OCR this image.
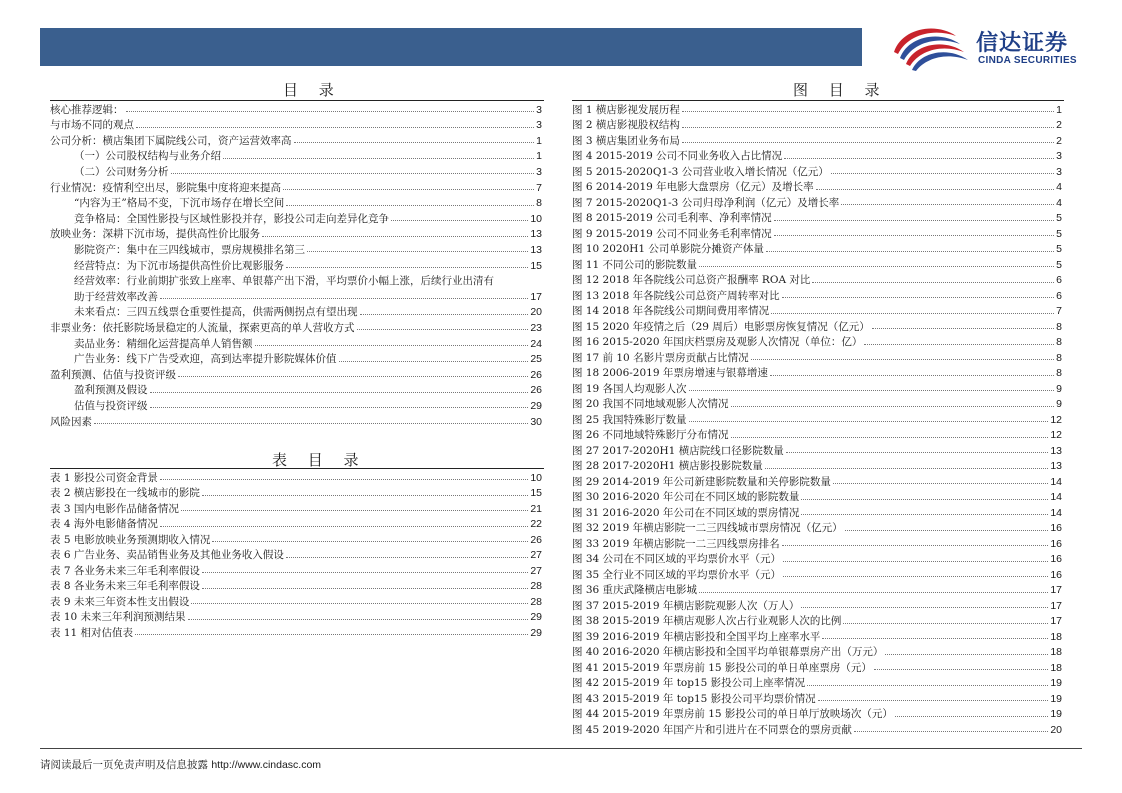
信达证券
CINDA SECURITIES
目 录
核心推荐逻辑：	3
与市场不同的观点	3
公司分析：横店集团下属院线公司，资产运营效率高	1
（一）公司股权结构与业务介绍	1
（二）公司财务分析	3
行业情况：疫情利空出尽，影院集中度将迎来提高	7
“内容为王”格局不变，下沉市场存在增长空间	8
竞争格局：全国性影投与区域性影投并存，影投公司走向差异化竞争	10
放映业务：深耕下沉市场，提供高性价比服务	13
影院资产：集中在三四线城市，票房规模排名第三	13
经营特点：为下沉市场提供高性价比观影服务	15
经营效率：行业前期扩张致上座率、单银幕产出下滑，平均票价小幅上涨，后续行业出清有
助于经营效率改善	17
未来看点：三四五线票仓重要性提高，供需两侧拐点有望出现	20
非票业务：依托影院场景稳定的人流量，探索更高的单人营收方式	23
卖品业务：精细化运营提高单人销售额	24
广告业务：线下广告受欢迎，高到达率提升影院媒体价值	25
盈利预测、估值与投资评级	26
盈利预测及假设	26
估值与投资评级	29
风险因素	30
表 目 录
表 1 影投公司资金背景	10
表 2 横店影投在一线城市的影院	15
表 3 国内电影作品储备情况	21
表 4 海外电影储备情况	22
表 5 电影放映业务预测期收入情况	26
表 6 广告业务、卖品销售业务及其他业务收入假设	27
表 7 各业务未来三年毛利率假设	27
表 8 各业务未来三年毛利率假设	28
表 9 未来三年资本性支出假设	28
表 10 未来三年利润预测结果	29
表 11 相对估值表	29
图 目 录
图 1 横店影视发展历程	1
图 2 横店影视股权结构	2
图 3 横店集团业务布局	2
图 4 2015-2019 公司不同业务收入占比情况	3
图 5 2015-2020Q1-3 公司营业收入增长情况（亿元）	3
图 6 2014-2019 年电影大盘票房（亿元）及增长率	4
图 7 2015-2020Q1-3 公司归母净利润（亿元）及增长率	4
图 8 2015-2019 公司毛利率、净利率情况	5
图 9 2015-2019 公司不同业务毛利率情况	5
图 10 2020H1 公司单影院分摊资产体量	5
图 11 不同公司的影院数量	5
图 12 2018 年各院线公司总资产报酬率 ROA 对比	6
图 13 2018 年各院线公司总资产周转率对比	6
图 14 2018 年各院线公司期间费用率情况	7
图 15 2020 年疫情之后（29 周后）电影票房恢复情况（亿元）	8
图 16 2015-2020 年国庆档票房及观影人次情况（单位：亿）	8
图 17 前 10 名影片票房贡献占比情况	8
图 18 2006-2019 年票房增速与银幕增速	8
图 19 各国人均观影人次	9
图 20 我国不同地域观影人次情况	9
图 25 我国特殊影厅数量	12
图 26 不同地域特殊影厅分布情况	12
图 27 2017-2020H1 横店院线口径影院数量	13
图 28 2017-2020H1 横店影投影院数量	13
图 29 2014-2019 年公司新建影院数量和关停影院数量	14
图 30 2016-2020 年公司在不同区域的影院数量	14
图 31 2016-2020 年公司在不同区域的票房情况	14
图 32 2019 年横店影院一二三四线城市票房情况（亿元）	16
图 33 2019 年横店影院一二三四线票房排名	16
图 34 公司在不同区域的平均票价水平（元）	16
图 35 全行业不同区域的平均票价水平（元）	16
图 36 重庆武隆横店电影城	17
图 37 2015-2019 年横店影院观影人次（万人）	17
图 38 2015-2019 年横店观影人次占行业观影人次的比例	17
图 39 2016-2019 年横店影投和全国平均上座率水平	18
图 40 2016-2020 年横店影投和全国平均单银幕票房产出（万元）	18
图 41 2015-2019 年票房前 15 影投公司的单日单座票房（元）	18
图 42 2015-2019 年 top15 影投公司上座率情况	19
图 43 2015-2019 年 top15 影投公司平均票价情况	19
图 44 2015-2019 年票房前 15 影投公司的单日单厅放映场次（元）	19
图 45 2019-2020 年国产片和引进片在不同票仓的票房贡献	20
请阅读最后一页免责声明及信息披露 http://www.cindasc.com
